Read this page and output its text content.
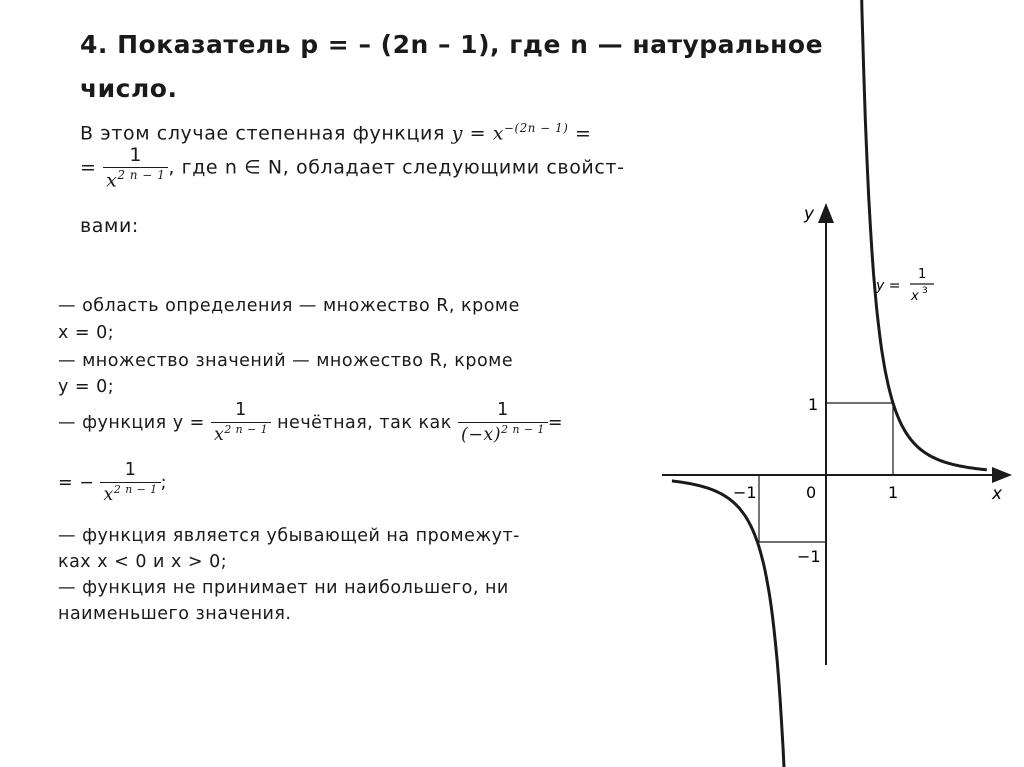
4. Показатель p = – (2n – 1), где n — натуральное
число.
В этом случае степенная функция $y = x^{-(2n - 1)}$ =
= $\frac{1}{x^{2 n - 1}}$ , где n ∈ N, обладает следующими свойст-
вами:
— область определения — множество R, кроме
x = 0;
— множество значений — множество R, кроме
y = 0;
— функция $y = \frac{1}{x^{2 n - 1}}$ нечётная, так как $\frac{1}{(-x)^{2 n - 1}}$ =
= − $\frac{1}{x^{2 n - 1}}$ ;
— функция является убывающей на промежут-
ках x < 0 и x > 0;
— функция не принимает ни наибольшего, ни
наименьшего значения.
y
x
0	1
−1
1
−1
y =
1
x 3
